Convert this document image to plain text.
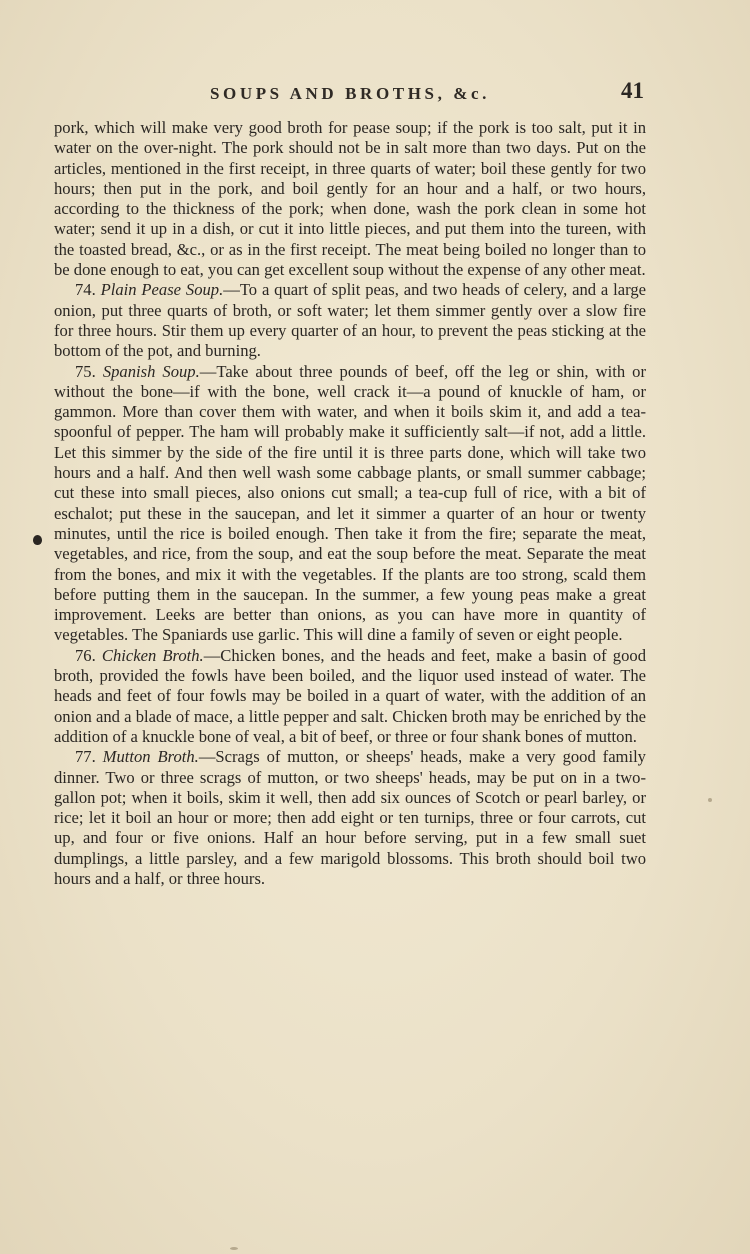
SOUPS AND BROTHS, &c.	41

pork, which will make very good broth for pease soup; if the pork is too salt, put it in water on the over-night. The pork should not be in salt more than two days. Put on the articles, mentioned in the first receipt, in three quarts of water; boil these gently for two hours; then put in the pork, and boil gently for an hour and a half, or two hours, according to the thickness of the pork; when done, wash the pork clean in some hot water; send it up in a dish, or cut it into little pieces, and put them into the tureen, with the toasted bread, &c., or as in the first receipt. The meat being boiled no longer than to be done enough to eat, you can get excellent soup without the expense of any other meat.

74. Plain Pease Soup.—To a quart of split peas, and two heads of celery, and a large onion, put three quarts of broth, or soft water; let them simmer gently over a slow fire for three hours. Stir them up every quarter of an hour, to prevent the peas sticking at the bottom of the pot, and burning.

75. Spanish Soup.—Take about three pounds of beef, off the leg or shin, with or without the bone—if with the bone, well crack it—a pound of knuckle of ham, or gammon. More than cover them with water, and when it boils skim it, and add a tea-spoonful of pepper. The ham will probably make it sufficiently salt—if not, add a little. Let this simmer by the side of the fire until it is three parts done, which will take two hours and a half. And then well wash some cabbage plants, or small summer cabbage; cut these into small pieces, also onions cut small; a tea-cup full of rice, with a bit of eschalot; put these in the saucepan, and let it simmer a quarter of an hour or twenty minutes, until the rice is boiled enough. Then take it from the fire; separate the meat, vegetables, and rice, from the soup, and eat the soup before the meat. Separate the meat from the bones, and mix it with the vegetables. If the plants are too strong, scald them before putting them in the saucepan. In the summer, a few young peas make a great improvement. Leeks are better than onions, as you can have more in quantity of vegetables. The Spaniards use garlic. This will dine a family of seven or eight people.

76. Chicken Broth.—Chicken bones, and the heads and feet, make a basin of good broth, provided the fowls have been boiled, and the liquor used instead of water. The heads and feet of four fowls may be boiled in a quart of water, with the addition of an onion and a blade of mace, a little pepper and salt. Chicken broth may be enriched by the addition of a knuckle bone of veal, a bit of beef, or three or four shank bones of mutton.

77. Mutton Broth.—Scrags of mutton, or sheeps' heads, make a very good family dinner. Two or three scrags of mutton, or two sheeps' heads, may be put on in a two-gallon pot; when it boils, skim it well, then add six ounces of Scotch or pearl barley, or rice; let it boil an hour or more; then add eight or ten turnips, three or four carrots, cut up, and four or five onions. Half an hour before serving, put in a few small suet dumplings, a little parsley, and a few marigold blossoms. This broth should boil two hours and a half, or three hours.
